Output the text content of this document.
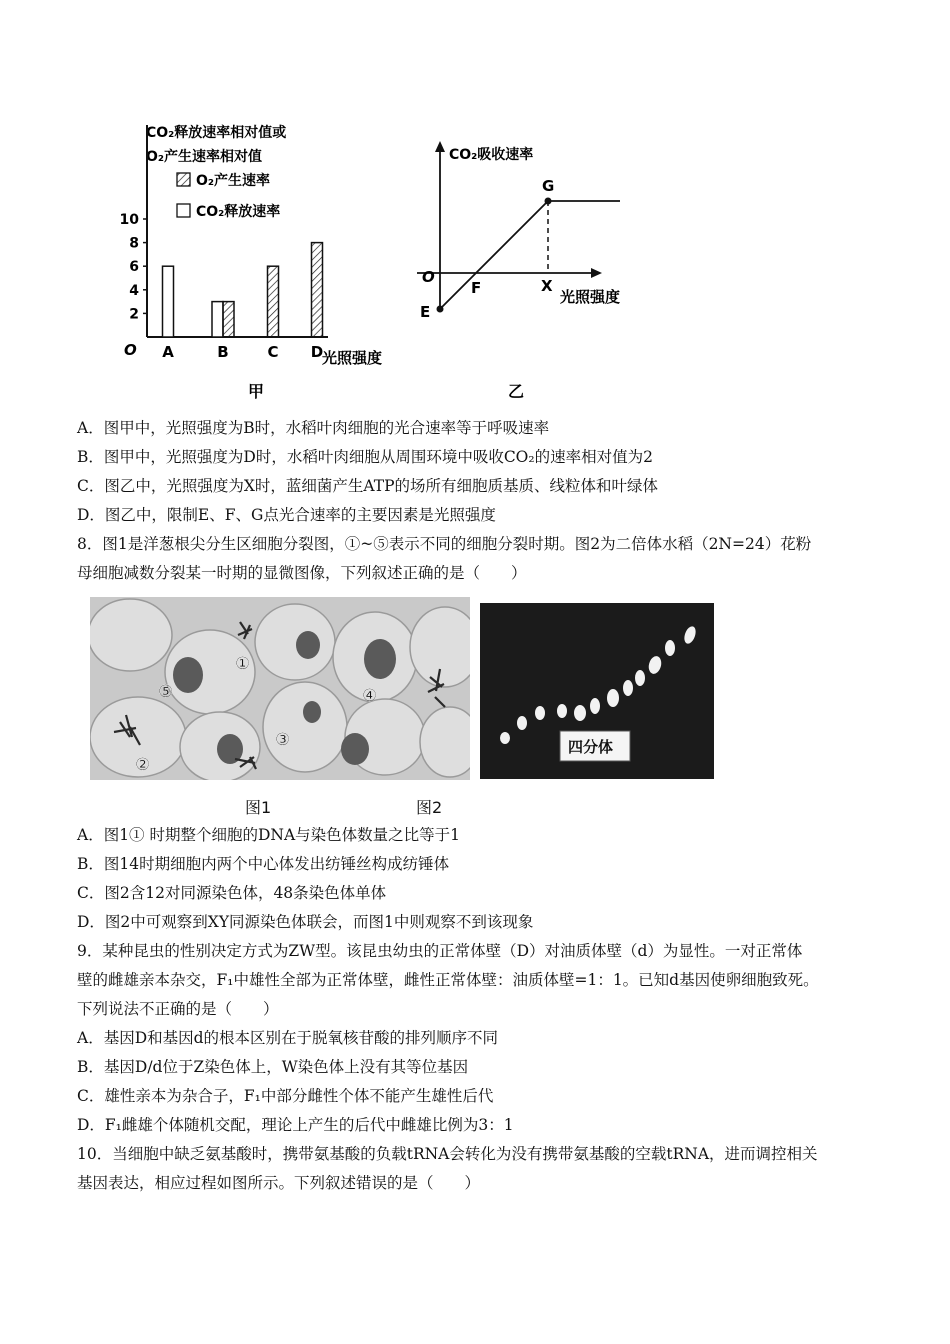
CO₂释放速率相对值或
O₂产生速率相对值
O
2
4
6
8
10
A	B	C D
光照强度
O₂产生速率
CO₂释放速率
甲
CO₂吸收速率
O
光照强度
E
F
G
X
乙
A．图甲中，光照强度为B时，水稻叶肉细胞的光合速率等于呼吸速率
B．图甲中，光照强度为D时，水稻叶肉细胞从周围环境中吸收CO₂的速率相对值为2
C．图乙中，光照强度为X时，蓝细菌产生ATP的场所有细胞质基质、线粒体和叶绿体
D．图乙中，限制E、F、G点光合速率的主要因素是光照强度
8．图1是洋葱根尖分生区细胞分裂图，①~⑤表示不同的细胞分裂时期。图2为二倍体水稻（2N=24）花粉
母细胞减数分裂某一时期的显微图像，下列叙述正确的是（　　）
①
②
③
④
⑤
四分体
图1	图2
A．图1① 时期整个细胞的DNA与染色体数量之比等于1
B．图14时期细胞内两个中心体发出纺锤丝构成纺锤体
C．图2含12对同源染色体，48条染色体单体
D．图2中可观察到XY同源染色体联会，而图1中则观察不到该现象
9．某种昆虫的性别决定方式为ZW型。该昆虫幼虫的正常体壁（D）对油质体壁（d）为显性。一对正常体
壁的雌雄亲本杂交，F₁中雄性全部为正常体壁，雌性正常体壁：油质体壁=1：1。已知d基因使卵细胞致死。
下列说法不正确的是（　　）
A．基因D和基因d的根本区别在于脱氧核苷酸的排列顺序不同
B．基因D/d位于Z染色体上，W染色体上没有其等位基因
C．雄性亲本为杂合子，F₁中部分雌性个体不能产生雄性后代
D．F₁雌雄个体随机交配，理论上产生的后代中雌雄比例为3：1
10．当细胞中缺乏氨基酸时，携带氨基酸的负载tRNA会转化为没有携带氨基酸的空载tRNA，进而调控相关
基因表达，相应过程如图所示。下列叙述错误的是（　　）
